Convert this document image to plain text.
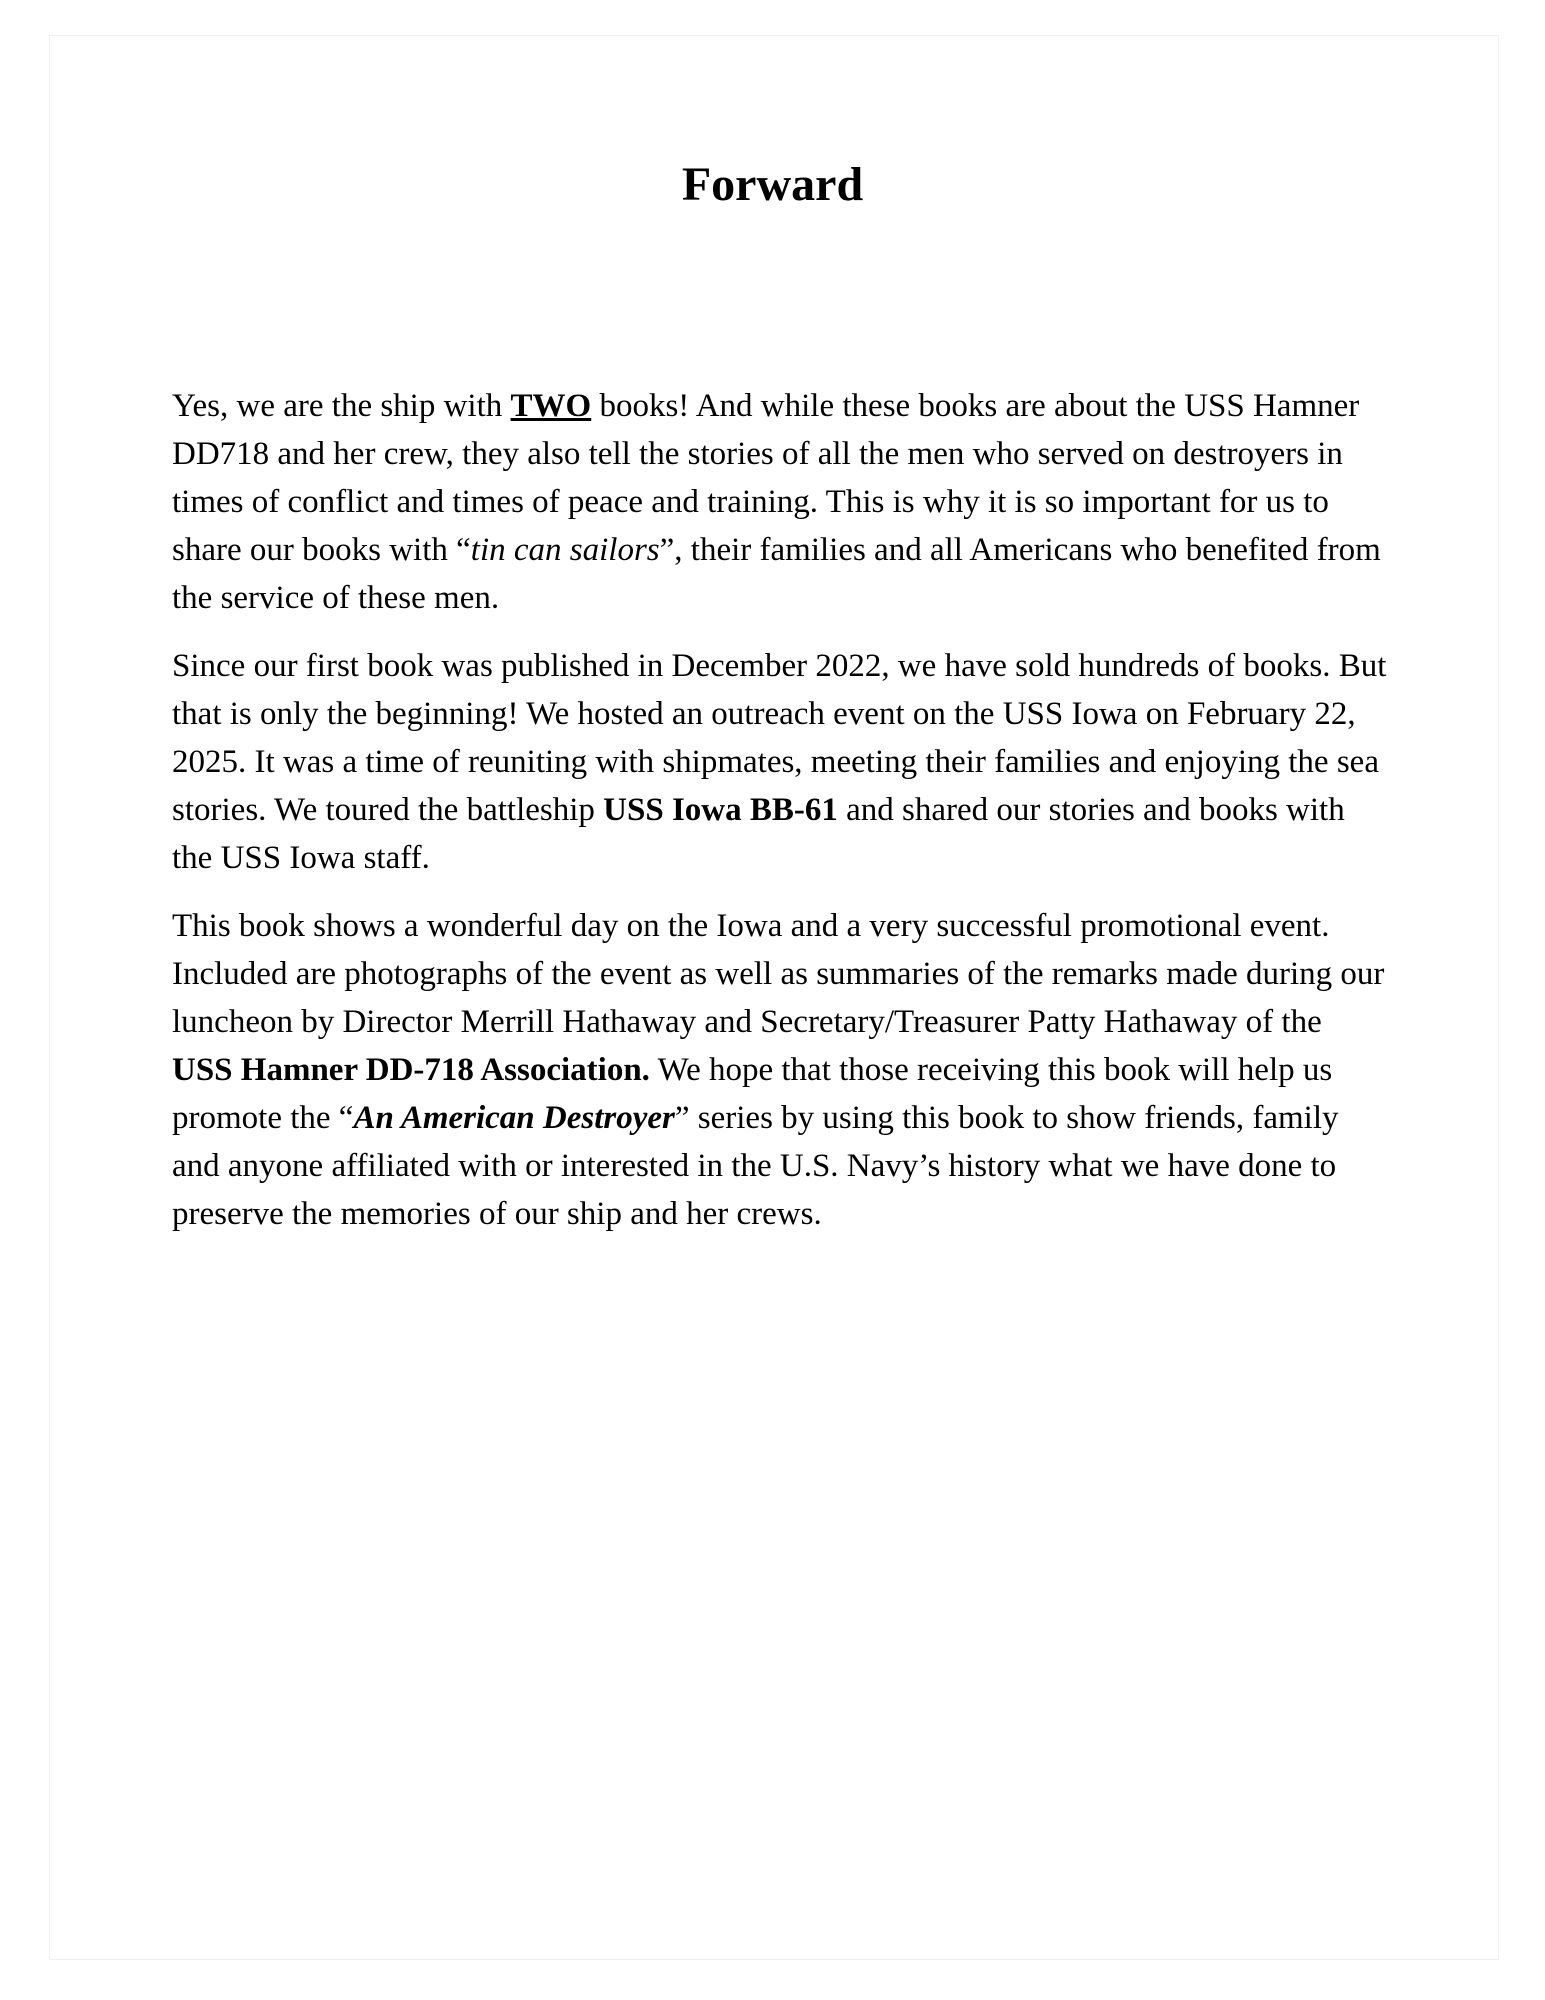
Forward

Yes, we are the ship with TWO books! And while these books are about the USS Hamner DD718 and her crew, they also tell the stories of all the men who served on destroyers in times of conflict and times of peace and training. This is why it is so important for us to share our books with “tin can sailors”, their families and all Americans who benefited from the service of these men.

Since our first book was published in December 2022, we have sold hundreds of books. But that is only the beginning! We hosted an outreach event on the USS Iowa on February 22, 2025. It was a time of reuniting with shipmates, meeting their families and enjoying the sea stories. We toured the battleship USS Iowa BB-61 and shared our stories and books with the USS Iowa staff.

This book shows a wonderful day on the Iowa and a very successful promotional event. Included are photographs of the event as well as summaries of the remarks made during our luncheon by Director Merrill Hathaway and Secretary/Treasurer Patty Hathaway of the USS Hamner DD-718 Association. We hope that those receiving this book will help us promote the “An American Destroyer” series by using this book to show friends, family and anyone affiliated with or interested in the U.S. Navy’s history what we have done to preserve the memories of our ship and her crews.
